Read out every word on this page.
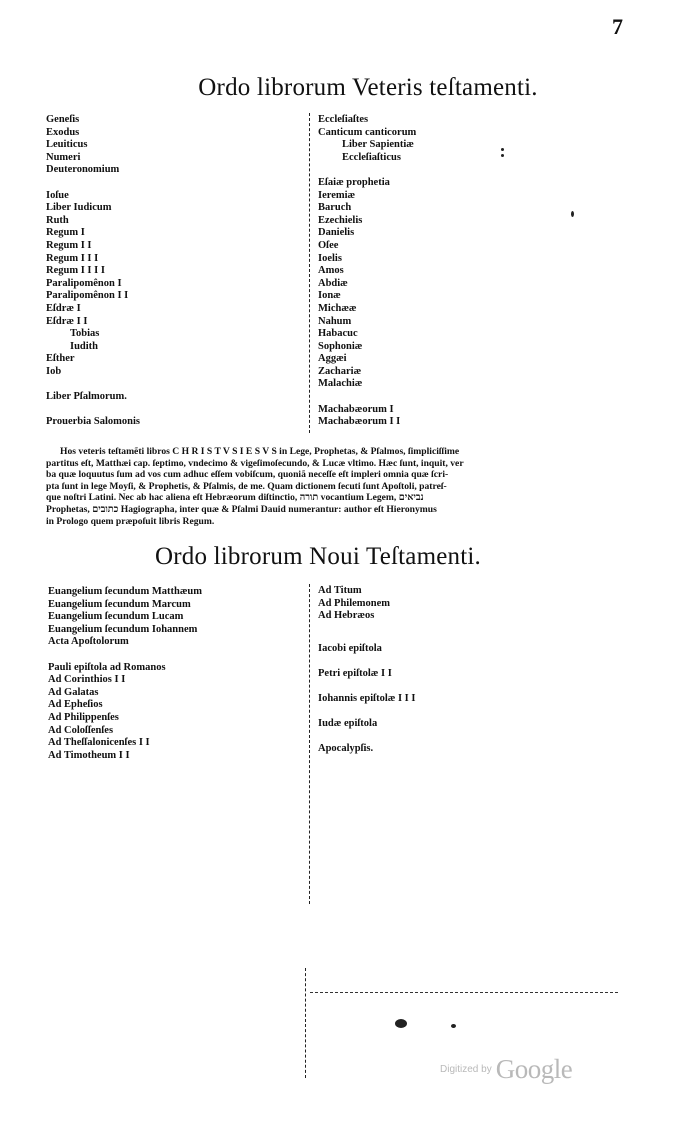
7
Ordo librorum Veteris teſtamenti.
Geneſis
Exodus
Leuiticus
Numeri
Deuteronomium
Ioſue
Liber Iudicum
Ruth
Regum I
Regum I I
Regum I I I
Regum I I I I
Paralipomênon I
Paralipomênon I I
Eſdræ I
Eſdræ I I
Tobias
Iudith
Eſther
Iob
Liber Pſalmorum.
Prouerbia Salomonis
Eccleſiaſtes
Canticum canticorum
Liber Sapientiæ
Eccleſiaſticus
Eſaiæ prophetia
Ieremiæ
Baruch
Ezechielis
Danielis
Oſee
Ioelis
Amos
Abdiæ
Ionæ
Michææ
Nahum
Habacuc
Sophoniæ
Aggæi
Zachariæ
Malachiæ
Machabæorum I
Machabæorum I I
Hos veteris teſtamẽti libros C H R I S T V S I E S V S in Lege, Prophetas, & Pſalmos, ſimpliciſſime
partitus eſt, Matthæi cap. ſeptimo, vndecimo & vigeſimoſecundo, & Lucæ vltimo. Hæc ſunt, inquit, ver
ba quæ loquutus ſum ad vos cum adhuc eſſem vobiſcum, quoniã neceſſe eſt impleri omnia quæ ſcri-
pta ſunt in lege Moyſi, & Prophetis, & Pſalmis, de me. Quam dictionem ſecuti ſunt Apoſtoli, patreſ-
que noſtri Latini. Nec ab hac aliena eſt Hebræorum diſtinctio, תורה vocantium Legem, נביאים
Prophetas, כתובים Hagiographa, inter quæ & Pſalmi Dauid numerantur: author eſt Hieronymus
in Prologo quem præpoſuit libris Regum.
Ordo librorum Noui Teſtamenti.
Euangelium ſecundum Matthæum
Euangelium ſecundum Marcum
Euangelium ſecundum Lucam
Euangelium ſecundum Iohannem
Acta Apoſtolorum
Pauli epiſtola ad Romanos
Ad Corinthios I I
Ad Galatas
Ad Epheſios
Ad Philippenſes
Ad Coloſſenſes
Ad Theſſalonicenſes I I
Ad Timotheum I I
Ad Titum
Ad Philemonem
Ad Hebræos
Iacobi epiſtola
Petri epiſtolæ I I
Iohannis epiſtolæ I I I
Iudæ epiſtola
Apocalypſis.
Digitized by Google
